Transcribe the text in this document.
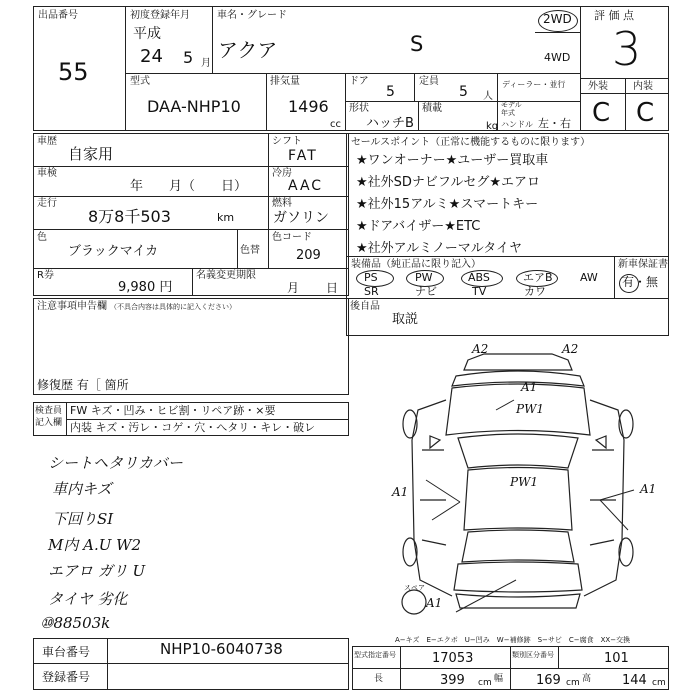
出品番号
55
初度登録年月
平成
24 5 月
車名・グレード
アクア	S
2WD
4WD
評 価 点
3
外装	内装
C C
型式
DAA-NHP10
排気量
1496
cc
ドア
5
定員
5 人
ディーラー・並行
形状
ハッチB
積載
kg
モデル
年式
ハンドル 左・右
車歴
自家用
シフト
FAT
車検
年　　月（　　日）
冷房
AAC
走行
8万8千503	km
燃料
ガソリン
色
ブラックマイカ	色替
色コード
209
R券
9,980 円
名義変更期限
月 日
セールスポイント（正常に機能するものに限ります）
★ワンオーナー★ユーザー買取車
★社外SDナビフルセグ★エアロ
★社外15アルミ★スマートキー
★ドアバイザー★ETC
★社外アルミノーマルタイヤ
装備品（純正品に限り記入）
PS
SR
PW
ナビ
ABS
TV
エアB
カワ
AW
新車保証書
有・無
後自品
取説
注意事項申告欄 （不具合内容は具体的に記入ください）
修復歴 有［ 箇所
検査員
記入欄
FW キズ・凹み・ヒビ割・リペア跡・×要
内装 キズ・汚レ・コゲ・穴・へタリ・キレ・破レ
シートヘタリカバー
車内キズ
下回りSI
M内 A.U W2
エアロ ガリ U
タイヤ 劣化
⑩88503k
A2	A2
A1
PW1
PW1
A1	A1
A1
スペア
A−キズ　E−エクボ　U−凹み　W−補修跡　S−サビ　C−腐食　XX−交換
車台番号	NHP10-6040738
登録番号
型式指定番号	17053	類別区分番号	101
長	399 cm 幅	169 cm 高 144 cm
